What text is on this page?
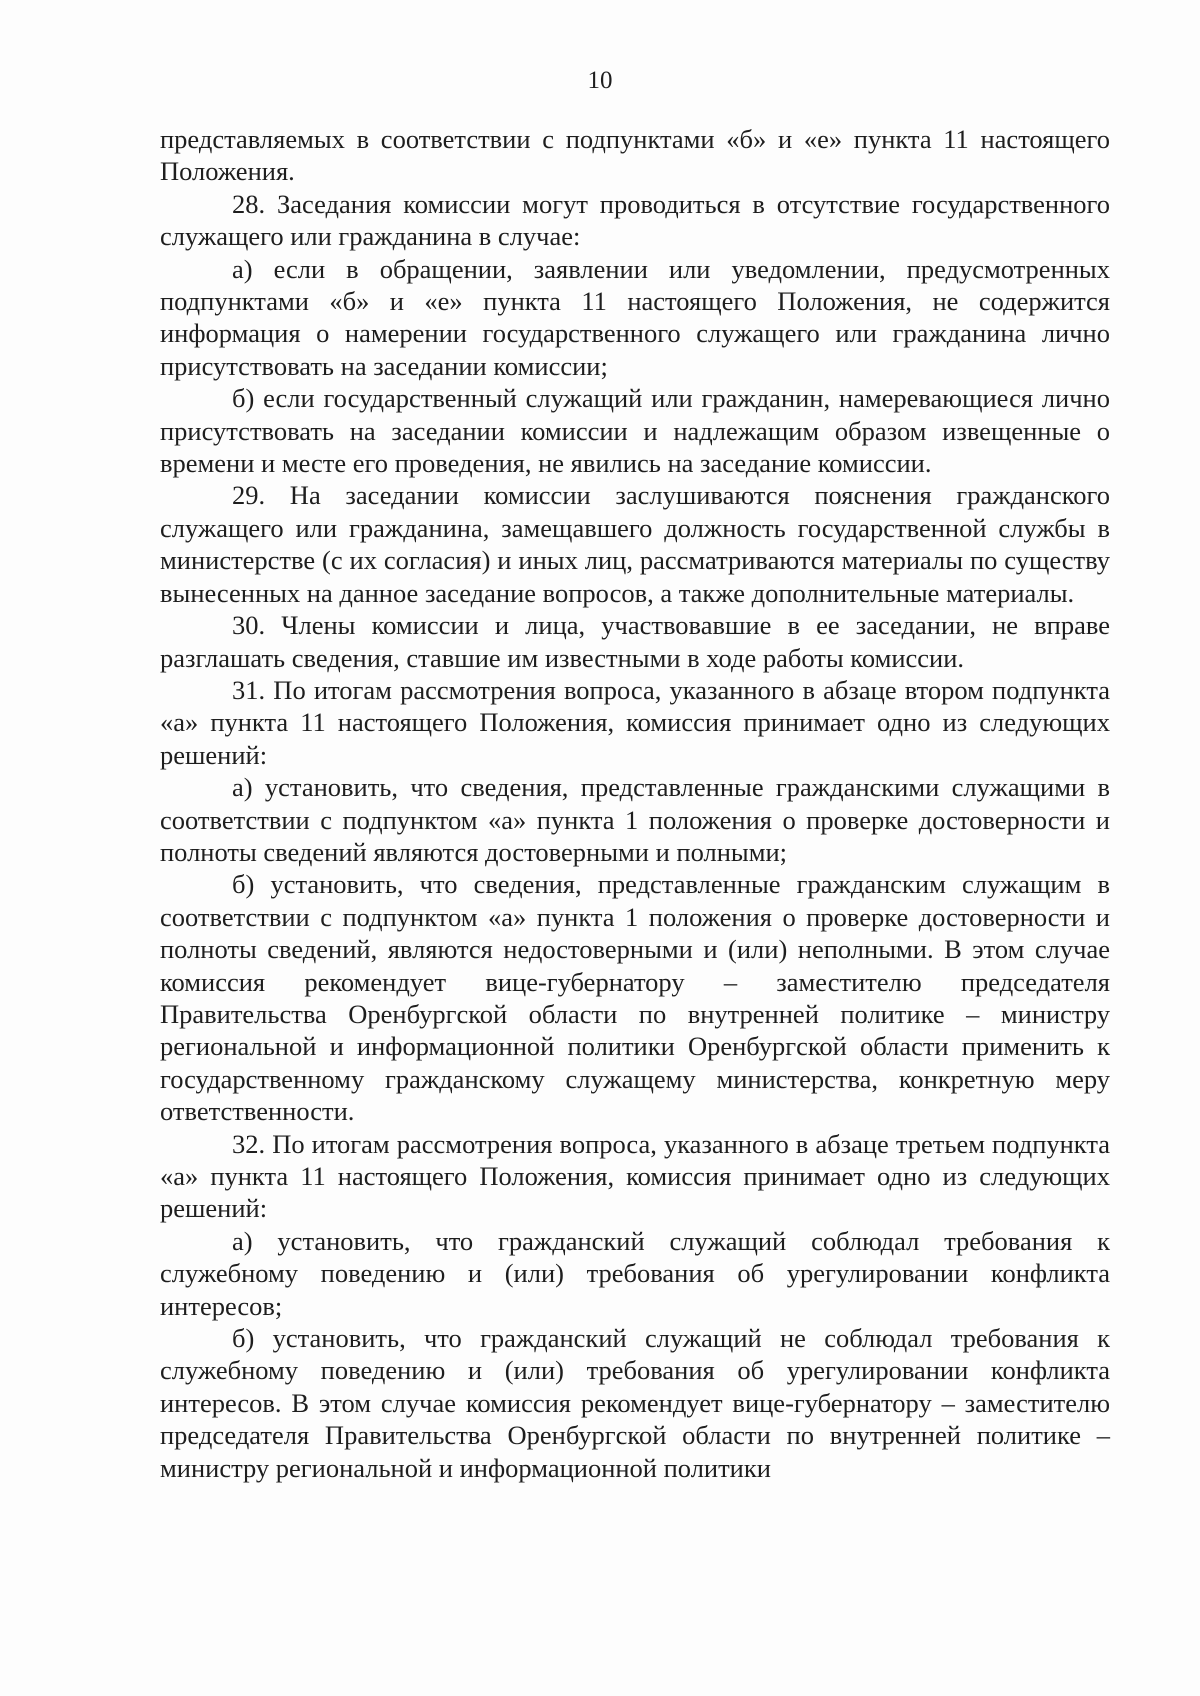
10

представляемых в соответствии с подпунктами «б» и «е» пункта 11 настоящего Положения.

28. Заседания комиссии могут проводиться в отсутствие государственного служащего или гражданина в случае:

а) если в обращении, заявлении или уведомлении, предусмотренных подпунктами «б» и «е» пункта 11 настоящего Положения, не содержится информация о намерении государственного служащего или гражданина лично присутствовать на заседании комиссии;

б) если государственный служащий или гражданин, намеревающиеся лично присутствовать на заседании комиссии и надлежащим образом извещенные о времени и месте его проведения, не явились на заседание комиссии.

29. На заседании комиссии заслушиваются пояснения гражданского служащего или гражданина, замещавшего должность государственной службы в министерстве (с их согласия) и иных лиц, рассматриваются материалы по существу вынесенных на данное заседание вопросов, а также дополнительные материалы.

30. Члены комиссии и лица, участвовавшие в ее заседании, не вправе разглашать сведения, ставшие им известными в ходе работы комиссии.

31. По итогам рассмотрения вопроса, указанного в абзаце втором подпункта «а» пункта 11 настоящего Положения, комиссия принимает одно из следующих решений:

а) установить, что сведения, представленные гражданскими служащими в соответствии с подпунктом «а» пункта 1 положения о проверке достоверности и полноты сведений являются достоверными и полными;

б) установить, что сведения, представленные гражданским служащим в соответствии с подпунктом «а» пункта 1 положения о проверке достоверности и полноты сведений, являются недостоверными и (или) неполными. В этом случае комиссия рекомендует вице-губернатору – заместителю председателя Правительства Оренбургской области по внутренней политике – министру региональной и информационной политики Оренбургской области применить к государственному гражданскому служащему министерства, конкретную меру ответственности.

32. По итогам рассмотрения вопроса, указанного в абзаце третьем подпункта «а» пункта 11 настоящего Положения, комиссия принимает одно из следующих решений:

а) установить, что гражданский служащий соблюдал требования к служебному поведению и (или) требования об урегулировании конфликта интересов;

б) установить, что гражданский служащий не соблюдал требования к служебному поведению и (или) требования об урегулировании конфликта интересов. В этом случае комиссия рекомендует вице-губернатору – заместителю председателя Правительства Оренбургской области по внутренней политике – министру региональной и информационной политики
